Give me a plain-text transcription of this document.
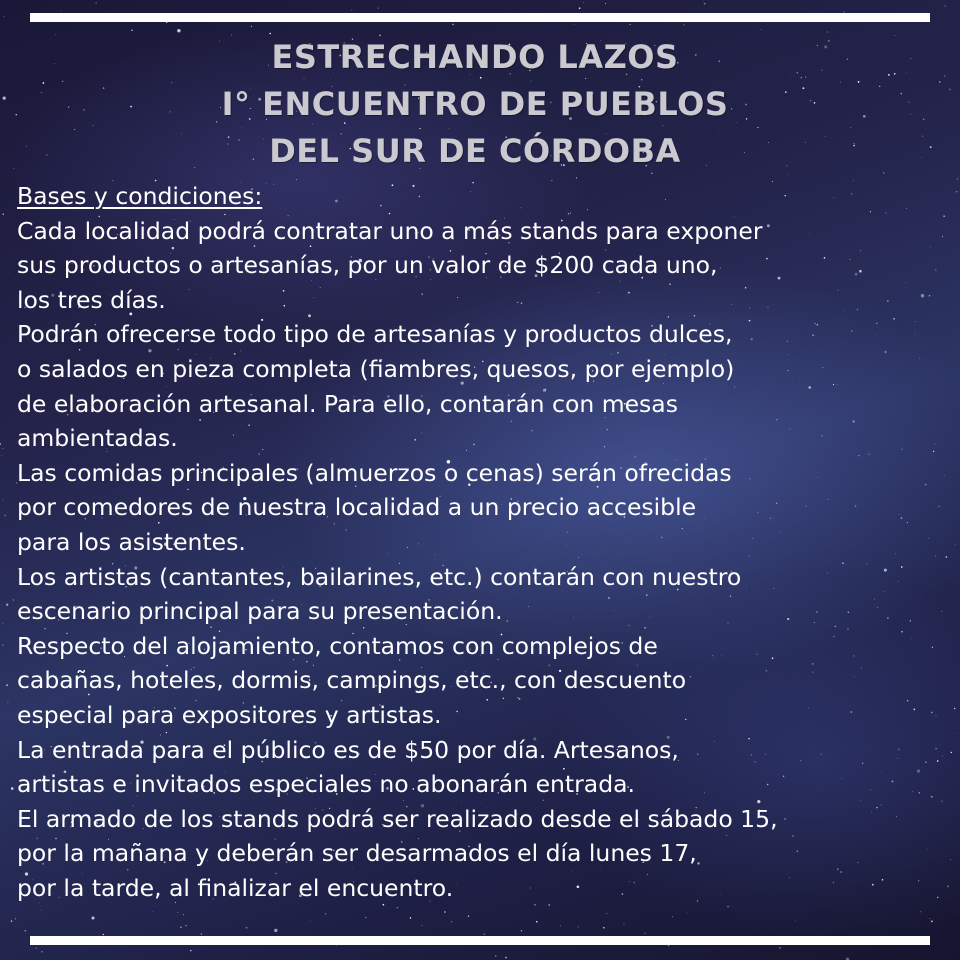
ESTRECHANDO LAZOS
I° ENCUENTRO DE PUEBLOS
DEL SUR DE CÓRDOBA
Bases y condiciones:
Cada localidad podrá contratar uno a más stands para exponer
sus productos o artesanías, por un valor de $200 cada uno,
los tres días.
Podrán ofrecerse todo tipo de artesanías y productos dulces,
o salados en pieza completa (fiambres, quesos, por ejemplo)
de elaboración artesanal. Para ello, contarán con mesas
ambientadas.
Las comidas principales (almuerzos o cenas) serán ofrecidas
por comedores de nuestra localidad a un precio accesible
para los asistentes.
Los artistas (cantantes, bailarines, etc.) contarán con nuestro
escenario principal para su presentación.
Respecto del alojamiento, contamos con complejos de
cabañas, hoteles, dormis, campings, etc., con descuento
especial para expositores y artistas.
La entrada para el público es de $50 por día. Artesanos,
artistas e invitados especiales no abonarán entrada.
El armado de los stands podrá ser realizado desde el sábado 15,
por la mañana y deberán ser desarmados el día lunes 17,
por la tarde, al finalizar el encuentro.
